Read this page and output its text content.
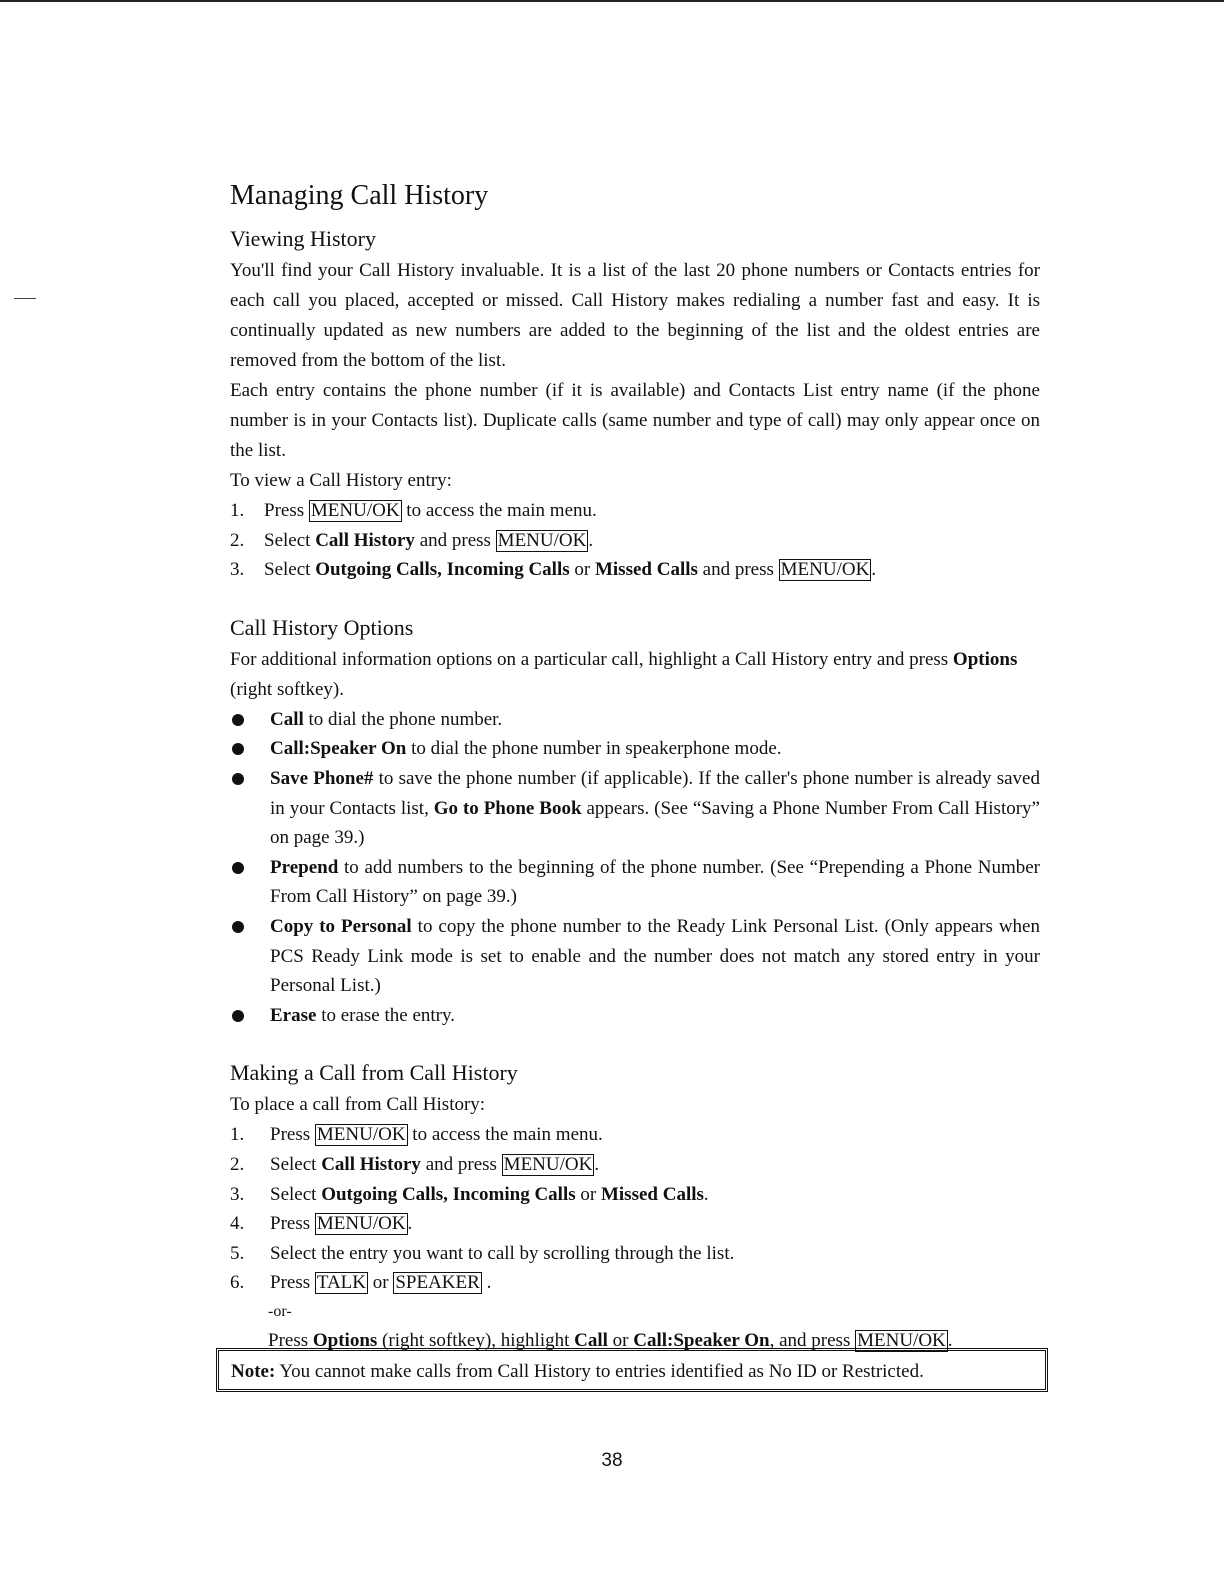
Managing Call History
Viewing History

You'll find your Call History invaluable. It is a list of the last 20 phone numbers or Contacts entries for each call you placed, accepted or missed. Call History makes redialing a number fast and easy. It is continually updated as new numbers are added to the beginning of the list and the oldest entries are removed from the bottom of the list.

Each entry contains the phone number (if it is available) and Contacts List entry name (if the phone number is in your Contacts list). Duplicate calls (same number and type of call) may only appear once on the list.

To view a Call History entry:

1. Press MENU/OK to access the main menu.
2. Select Call History and press MENU/OK .
3. Select Outgoing Calls, Incoming Calls or Missed Calls and press MENU/OK .
Call History Options

For additional information options on a particular call, highlight a Call History entry and press Options (right softkey).

Call to dial the phone number.
Call:Speaker On to dial the phone number in speakerphone mode.
Save Phone# to save the phone number (if applicable). If the caller's phone number is already saved in your Contacts list, Go to Phone Book appears. (See “Saving a Phone Number From Call History” on page 39.)
Prepend to add numbers to the beginning of the phone number. (See “Prepending a Phone Number From Call History” on page 39.)
Copy to Personal to copy the phone number to the Ready Link Personal List. (Only appears when PCS Ready Link mode is set to enable and the number does not match any stored entry in your Personal List.)
Erase to erase the entry.
Making a Call from Call History

To place a call from Call History:

1. Press MENU/OK to access the main menu.
2. Select Call History and press MENU/OK .
3. Select Outgoing Calls, Incoming Calls or Missed Calls.
4. Press MENU/OK .
5. Select the entry you want to call by scrolling through the list.
6. Press TALK or SPEAKER .
-or-
Press Options (right softkey), highlight Call or Call:Speaker On, and press MENU/OK .
Note: You cannot make calls from Call History to entries identified as No ID or Restricted.
38
